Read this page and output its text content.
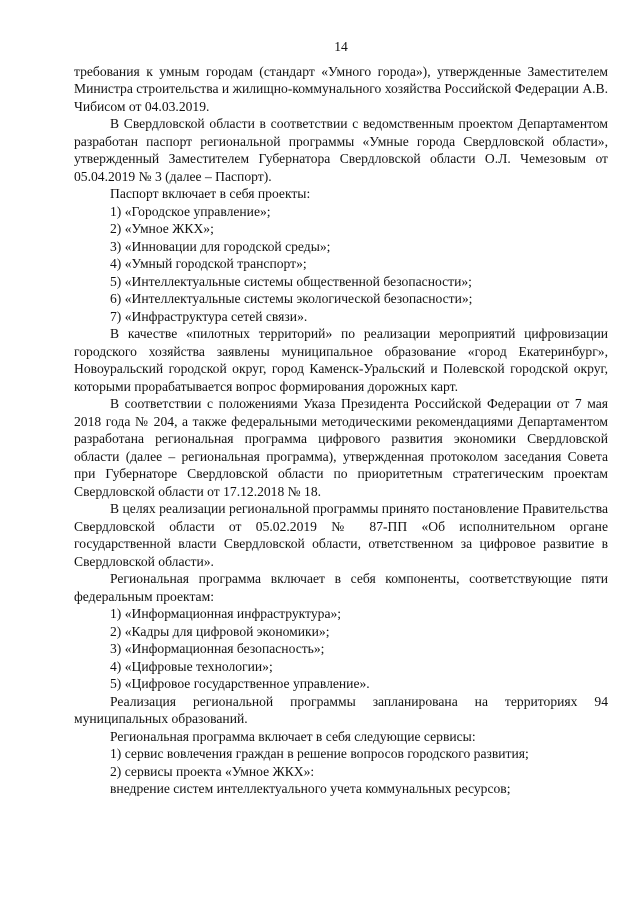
14

требования к умным городам (стандарт «Умного города»), утвержденные Заместителем Министра строительства и жилищно-коммунального хозяйства Российской Федерации А.В. Чибисом от 04.03.2019.

В Свердловской области в соответствии с ведомственным проектом Департаментом разработан паспорт региональной программы «Умные города Свердловской области», утвержденный Заместителем Губернатора Свердловской области О.Л. Чемезовым от 05.04.2019 № 3 (далее – Паспорт).

Паспорт включает в себя проекты:

1) «Городское управление»;

2) «Умное ЖКХ»;

3) «Инновации для городской среды»;

4) «Умный городской транспорт»;

5) «Интеллектуальные системы общественной безопасности»;

6) «Интеллектуальные системы экологической безопасности»;

7) «Инфраструктура сетей связи».

В качестве «пилотных территорий» по реализации мероприятий цифровизации городского хозяйства заявлены муниципальное образование «город Екатеринбург», Новоуральский городской округ, город Каменск-Уральский и Полевской городской округ, которыми прорабатывается вопрос формирования дорожных карт.

В соответствии с положениями Указа Президента Российской Федерации от 7 мая 2018 года № 204, а также федеральными методическими рекомендациями Департаментом разработана региональная программа цифрового развития экономики Свердловской области (далее – региональная программа), утвержденная протоколом заседания Совета при Губернаторе Свердловской области по приоритетным стратегическим проектам Свердловской области от 17.12.2018 № 18.

В целях реализации региональной программы принято постановление Правительства Свердловской области от 05.02.2019 № 87-ПП «Об исполнительном органе государственной власти Свердловской области, ответственном за цифровое развитие в Свердловской области».

Региональная программа включает в себя компоненты, соответствующие пяти федеральным проектам:

1) «Информационная инфраструктура»;

2) «Кадры для цифровой экономики»;

3) «Информационная безопасность»;

4) «Цифровые технологии»;

5) «Цифровое государственное управление».

Реализация региональной программы запланирована на территориях 94 муниципальных образований.

Региональная программа включает в себя следующие сервисы:

1) сервис вовлечения граждан в решение вопросов городского развития;

2) сервисы проекта «Умное ЖКХ»:

внедрение систем интеллектуального учета коммунальных ресурсов;
